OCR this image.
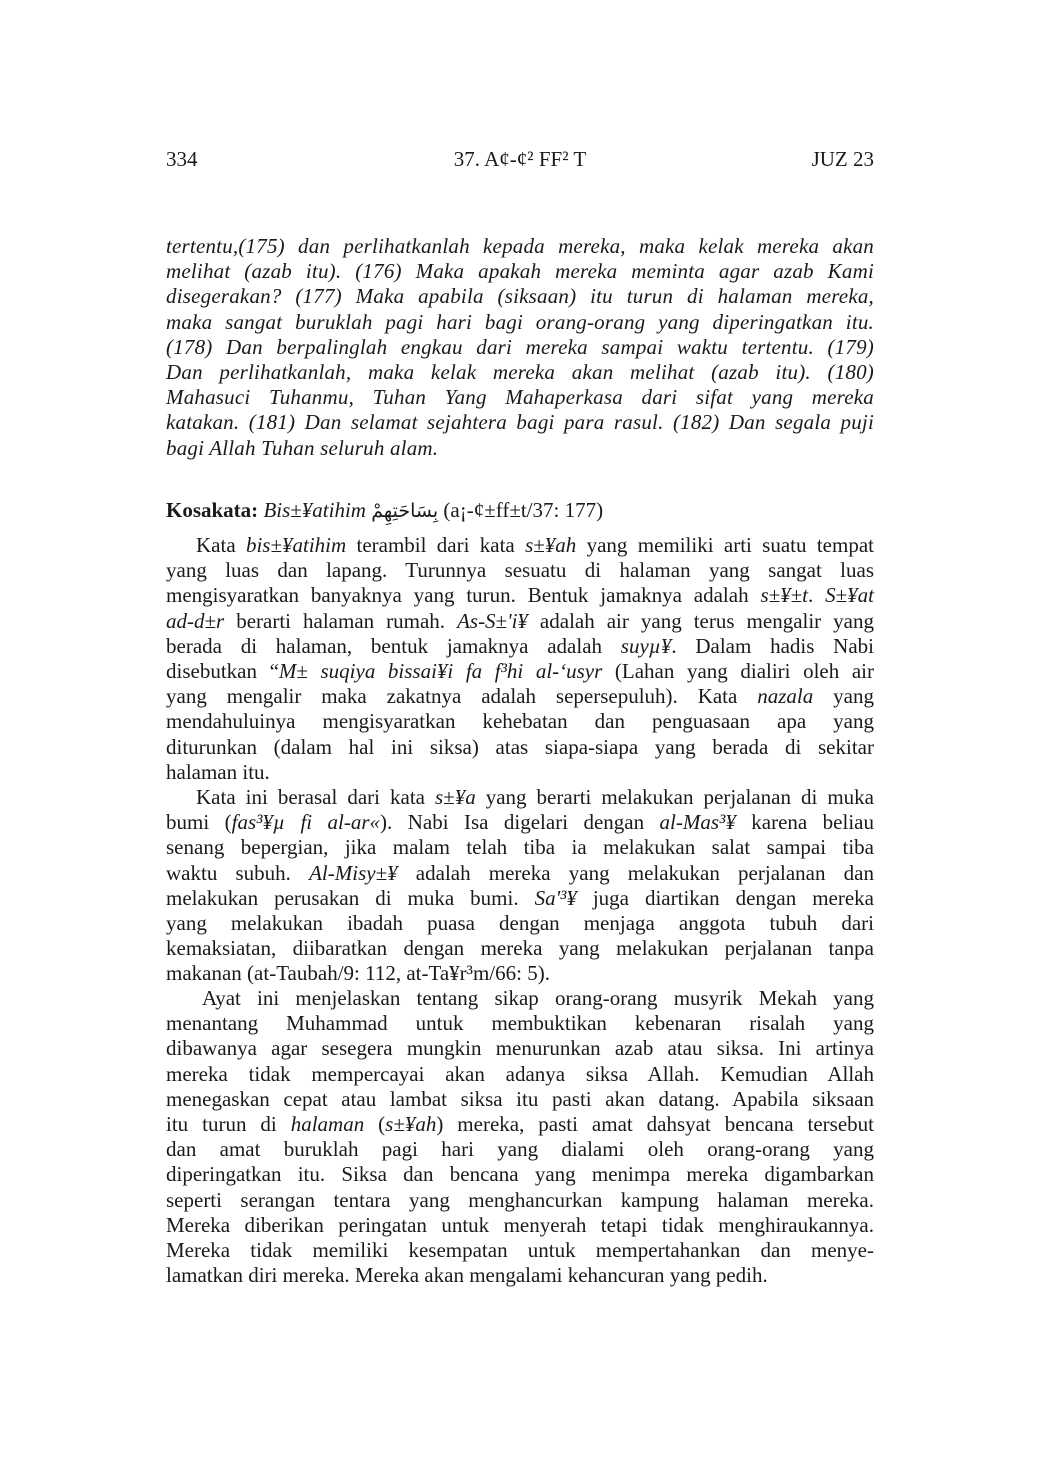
334	37. A¢-¢² FF² T	JUZ 23
tertentu,(175) dan perlihatkanlah kepada mereka, maka kelak mereka akan
melihat (azab itu). (176) Maka apakah mereka meminta agar azab Kami
disegerakan? (177) Maka apabila (siksaan) itu turun di halaman mereka,
maka sangat buruklah pagi hari bagi orang-orang yang diperingatkan itu.
(178) Dan berpalinglah engkau dari mereka sampai waktu tertentu. (179)
Dan perlihatkanlah, maka kelak mereka akan melihat (azab itu). (180)
Mahasuci Tuhanmu, Tuhan Yang Mahaperkasa dari sifat yang mereka
katakan. (181) Dan selamat sejahtera bagi para rasul. (182) Dan segala puji
bagi Allah Tuhan seluruh alam.
Kosakata: Bis±¥atihim بِسَاحَتِهِمْ (a¡-¢±ff±t/37: 177)
Kata bis±¥atihim terambil dari kata s±¥ah yang memiliki arti suatu tempat
yang luas dan lapang. Turunnya sesuatu di halaman yang sangat luas
mengisyaratkan banyaknya yang turun. Bentuk jamaknya adalah s±¥±t. S±¥at
ad-d±r berarti halaman rumah. As-S±'i¥ adalah air yang terus mengalir yang
berada di halaman, bentuk jamaknya adalah suyµ¥. Dalam hadis Nabi
disebutkan “M± suqiya bissai¥i fa f³hi al-‘usyr (Lahan yang dialiri oleh air
yang mengalir maka zakatnya adalah sepersepuluh). Kata nazala yang
mendahuluinya mengisyaratkan kehebatan dan penguasaan apa yang
diturunkan (dalam hal ini siksa) atas siapa-siapa yang berada di sekitar
halaman itu.
Kata ini berasal dari kata s±¥a yang berarti melakukan perjalanan di muka
bumi (fas³¥µ fi al-ar«). Nabi Isa digelari dengan al-Mas³¥ karena beliau
senang bepergian, jika malam telah tiba ia melakukan salat sampai tiba
waktu subuh. Al-Misy±¥ adalah mereka yang melakukan perjalanan dan
melakukan perusakan di muka bumi. Sa'³¥ juga diartikan dengan mereka
yang melakukan ibadah puasa dengan menjaga anggota tubuh dari
kemaksiatan, diibaratkan dengan mereka yang melakukan perjalanan tanpa
makanan (at-Taubah/9: 112, at-Ta¥r³m/66: 5).
Ayat ini menjelaskan tentang sikap orang-orang musyrik Mekah yang
menantang Muhammad untuk membuktikan kebenaran risalah yang
dibawanya agar sesegera mungkin menurunkan azab atau siksa. Ini artinya
mereka tidak mempercayai akan adanya siksa Allah. Kemudian Allah
menegaskan cepat atau lambat siksa itu pasti akan datang. Apabila siksaan
itu turun di halaman (s±¥ah) mereka, pasti amat dahsyat bencana tersebut
dan amat buruklah pagi hari yang dialami oleh orang-orang yang
diperingatkan itu. Siksa dan bencana yang menimpa mereka digambarkan
seperti serangan tentara yang menghancurkan kampung halaman mereka.
Mereka diberikan peringatan untuk menyerah tetapi tidak menghiraukannya.
Mereka tidak memiliki kesempatan untuk mempertahankan dan menye-
lamatkan diri mereka. Mereka akan mengalami kehancuran yang pedih.
